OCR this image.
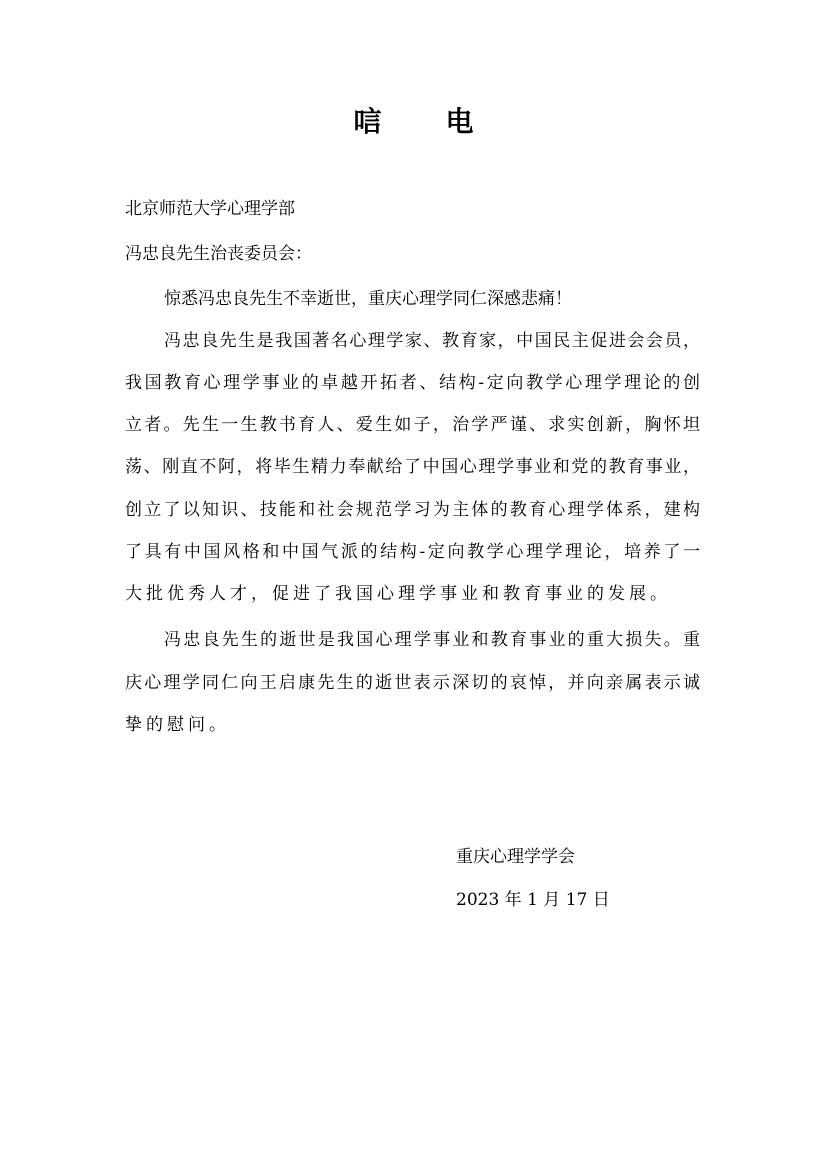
唁 电
北京师范大学心理学部
冯忠良先生治丧委员会：
惊悉冯忠良先生不幸逝世，重庆心理学同仁深感悲痛！
冯忠良先生是我国著名心理学家、教育家，中国民主促进会会员，
我国教育心理学事业的卓越开拓者、结构-定向教学心理学理论的创
立者。先生一生教书育人、爱生如子，治学严谨、求实创新，胸怀坦
荡、刚直不阿，将毕生精力奉献给了中国心理学事业和党的教育事业，
创立了以知识、技能和社会规范学习为主体的教育心理学体系，建构
了具有中国风格和中国气派的结构-定向教学心理学理论，培养了一
大批优秀人才，促进了我国心理学事业和教育事业的发展。
冯忠良先生的逝世是我国心理学事业和教育事业的重大损失。重
庆心理学同仁向王启康先生的逝世表示深切的哀悼，并向亲属表示诚
挚的慰问。
重庆心理学学会
2023 年 1 月 17 日
